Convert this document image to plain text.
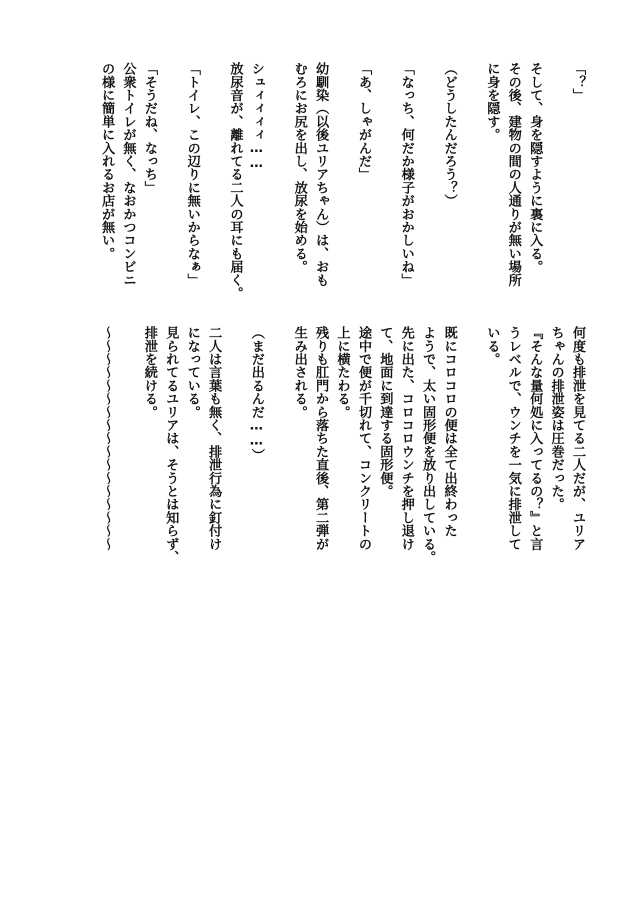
「？」

そして、身を隠すように裏に入る。
その後、建物の間の人通りが無い場所
に身を隠す。

（どうしたんだろう？）

「なっち、何だか様子がおかしいね」

「あ、しゃがんだ」

幼馴染（以後ユリアちゃん）は、おも
むろにお尻を出し、放尿を始める。

シュィィィィ……
放尿音が、離れてる二人の耳にも届く。

「トイレ、この辺りに無いからなぁ」

「そうだね、なっち」
公衆トイレが無く、なおかつコンビニ
の様に簡単に入れるお店が無い。
何度も排泄を見てる二人だが、ユリア
ちゃんの排泄姿は圧巻だった。
『そんな量何処に入ってるの？』と言
うレベルで、ウンチを一気に排泄して
いる。

既にコロコロの便は全て出終わった
ようで、太い固形便を放り出している。
先に出た、コロコロウンチを押し退け
て、地面に到達する固形便。
途中で便が千切れて、コンクリートの
上に横たわる。
残りも肛門から落ちた直後、第二弾が
生み出される。

（まだ出るんだ……）

二人は言葉も無く、排泄行為に釘付け
になっている。
見られてるユリアは、そうとは知らず、
排泄を続ける。

〜〜〜〜〜〜〜〜〜〜〜〜〜〜〜〜〜
